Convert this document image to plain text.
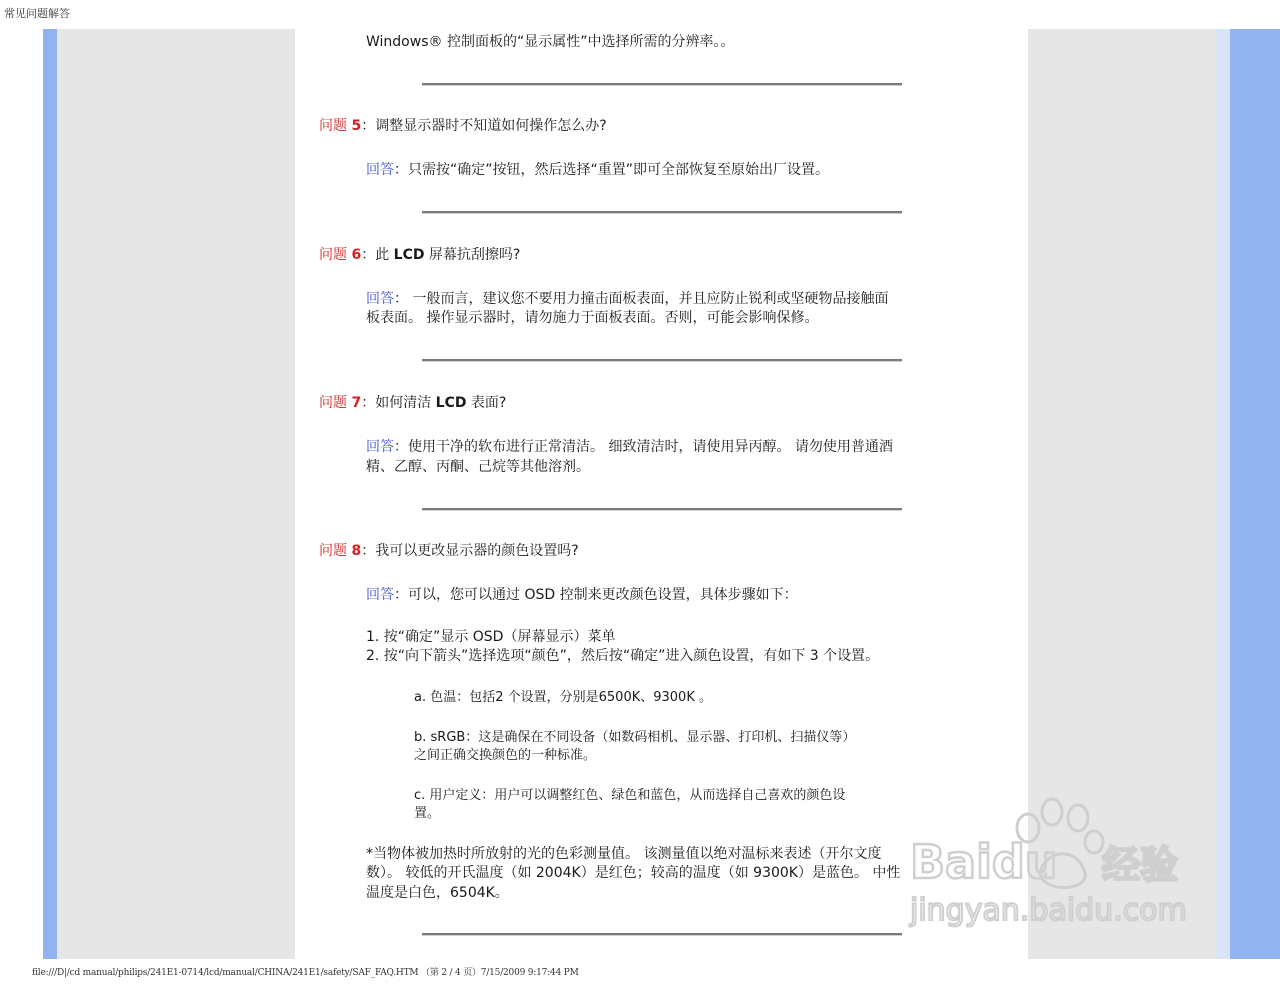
常见问题解答
Windows® 控制面板的“显示属性”中选择所需的分辨率。。
问题 5：调整显示器时不知道如何操作怎么办?
回答：只需按“确定”按钮，然后选择“重置”即可全部恢复至原始出厂设置。
问题 6：此 LCD 屏幕抗刮擦吗?
回答： 一般而言，建议您不要用力撞击面板表面，并且应防止锐利或坚硬物品接触面
板表面。 操作显示器时，请勿施力于面板表面。否则，可能会影响保修。
问题 7：如何清洁 LCD 表面?
回答：使用干净的软布进行正常清洁。 细致清洁时，请使用异丙醇。 请勿使用普通酒
精、乙醇、丙酮、己烷等其他溶剂。
问题 8：我可以更改显示器的颜色设置吗?
回答：可以，您可以通过 OSD 控制来更改颜色设置，具体步骤如下：
1. 按“确定”显示 OSD（屏幕显示）菜单
2. 按“向下箭头”选择选项“颜色”，然后按“确定”进入颜色设置，有如下 3 个设置。
a. 色温：包括2 个设置，分别是6500K、9300K 。
b. sRGB：这是确保在不同设备（如数码相机、显示器、打印机、扫描仪等）
之间正确交换颜色的一种标准。
c. 用户定义：用户可以调整红色、绿色和蓝色，从而选择自己喜欢的颜色设
置。
*当物体被加热时所放射的光的色彩测量值。 该测量值以绝对温标来表述（开尔文度
数）。 较低的开氏温度（如 2004K）是红色；较高的温度（如 9300K）是蓝色。 中性
温度是白色，6504K。
Baidu 经验
jingyan.baidu.com
file:///D|/cd manual/philips/241E1-0714/lcd/manual/CHINA/241E1/safety/SAF_FAQ.HTM （第 2 / 4 页）7/15/2009 9:17:44 PM
